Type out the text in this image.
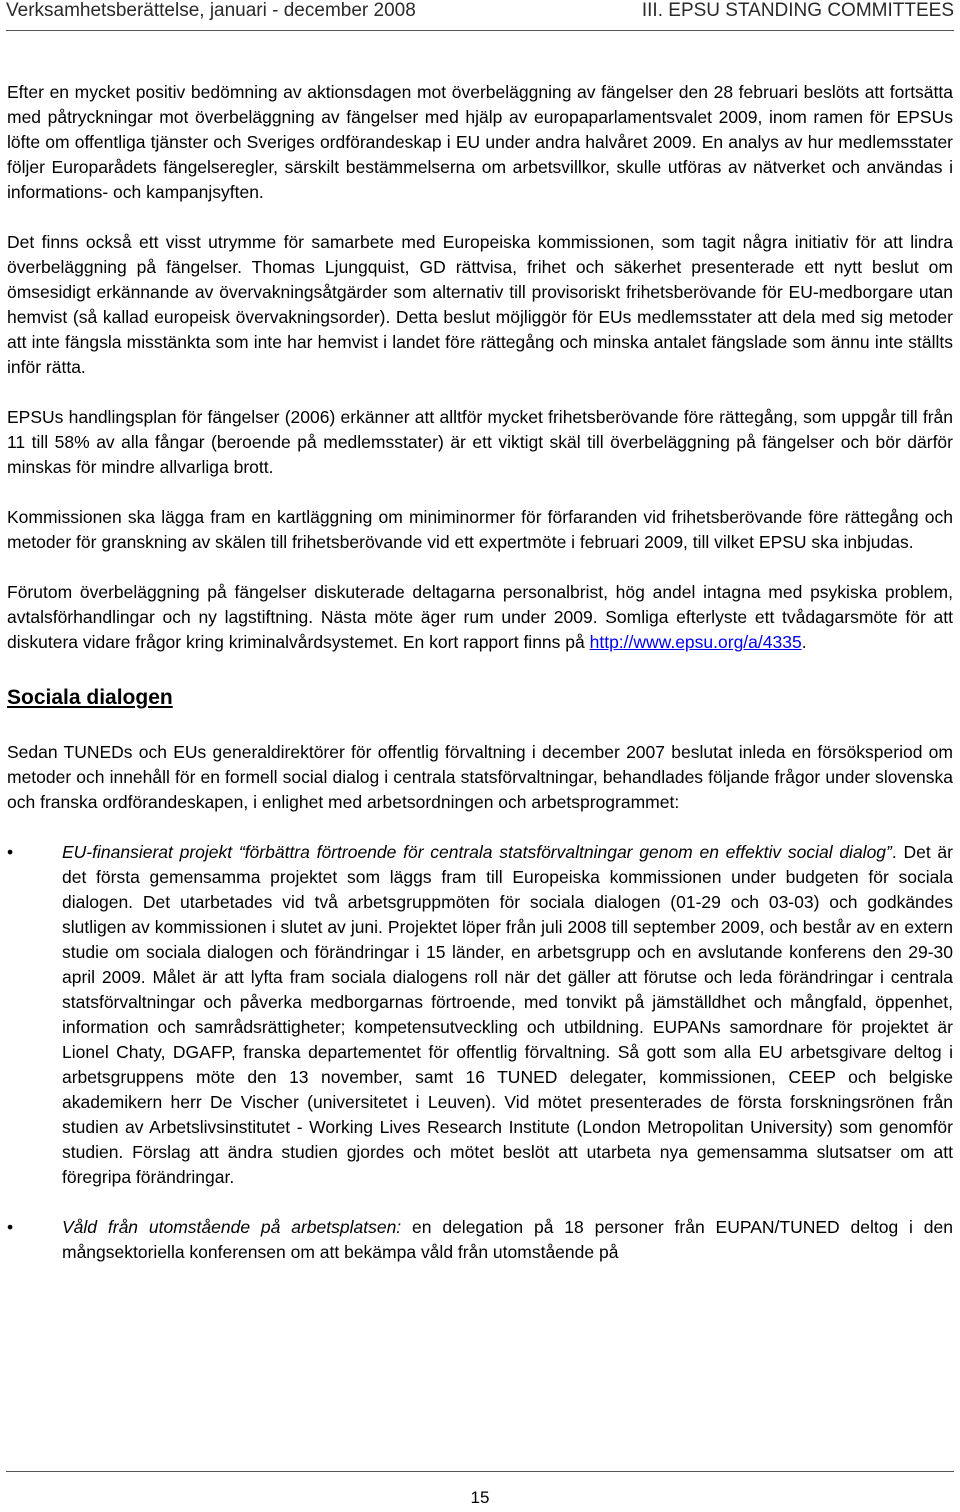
Verksamhetsberättelse, januari - december 2008	III. EPSU STANDING COMMITTEES

Efter en mycket positiv bedömning av aktionsdagen mot överbeläggning av fängelser den 28 februari beslöts att fortsätta med påtryckningar mot överbeläggning av fängelser med hjälp av europaparlamentsvalet 2009, inom ramen för EPSUs löfte om offentliga tjänster och Sveriges ordförandeskap i EU under andra halvåret 2009. En analys av hur medlemsstater följer Europarådets fängelseregler, särskilt bestämmelserna om arbetsvillkor, skulle utföras av nätverket och användas i informations- och kampanjsyften.

Det finns också ett visst utrymme för samarbete med Europeiska kommissionen, som tagit några initiativ för att lindra överbeläggning på fängelser. Thomas Ljungquist, GD rättvisa, frihet och säkerhet presenterade ett nytt beslut om ömsesidigt erkännande av övervakningsåtgärder som alternativ till provisoriskt frihetsberövande för EU-medborgare utan hemvist (så kallad europeisk övervakningsorder). Detta beslut möjliggör för EUs medlemsstater att dela med sig metoder att inte fängsla misstänkta som inte har hemvist i landet före rättegång och minska antalet fängslade som ännu inte ställts inför rätta.

EPSUs handlingsplan för fängelser (2006) erkänner att alltför mycket frihetsberövande före rättegång, som uppgår till från 11 till 58% av alla fångar (beroende på medlemsstater) är ett viktigt skäl till överbeläggning på fängelser och bör därför minskas för mindre allvarliga brott.

Kommissionen ska lägga fram en kartläggning om miniminormer för förfaranden vid frihetsberövande före rättegång och metoder för granskning av skälen till frihetsberövande vid ett expertmöte i februari 2009, till vilket EPSU ska inbjudas.

Förutom överbeläggning på fängelser diskuterade deltagarna personalbrist, hög andel intagna med psykiska problem, avtalsförhandlingar och ny lagstiftning. Nästa möte äger rum under 2009. Somliga efterlyste ett tvådagarsmöte för att diskutera vidare frågor kring kriminalvårdsystemet. En kort rapport finns på http://www.epsu.org/a/4335.

Sociala dialogen

Sedan TUNEDs och EUs generaldirektörer för offentlig förvaltning i december 2007 beslutat inleda en försöksperiod om metoder och innehåll för en formell social dialog i centrala statsförvaltningar, behandlades följande frågor under slovenska och franska ordförandeskapen, i enlighet med arbetsordningen och arbetsprogrammet:

•	EU-finansierat projekt “förbättra förtroende för centrala statsförvaltningar genom en effektiv social dialog”. Det är det första gemensamma projektet som läggs fram till Europeiska kommissionen under budgeten för sociala dialogen. Det utarbetades vid två arbetsgruppmöten för sociala dialogen (01-29 och 03-03) och godkändes slutligen av kommissionen i slutet av juni. Projektet löper från juli 2008 till september 2009, och består av en extern studie om sociala dialogen och förändringar i 15 länder, en arbetsgrupp och en avslutande konferens den 29-30 april 2009. Målet är att lyfta fram sociala dialogens roll när det gäller att förutse och leda förändringar i centrala statsförvaltningar och påverka medborgarnas förtroende, med tonvikt på jämställdhet och mångfald, öppenhet, information och samrådsrättigheter; kompetensutveckling och utbildning. EUPANs samordnare för projektet är Lionel Chaty, DGAFP, franska departementet för offentlig förvaltning. Så gott som alla EU arbetsgivare deltog i arbetsgruppens möte den 13 november, samt 16 TUNED delegater, kommissionen, CEEP och belgiske akademikern herr De Vischer (universitetet i Leuven). Vid mötet presenterades de första forskningsrönen från studien av Arbetslivsinstitutet - Working Lives Research Institute (London Metropolitan University) som genomför studien. Förslag att ändra studien gjordes och mötet beslöt att utarbeta nya gemensamma slutsatser om att föregripa förändringar.
•	Våld från utomstående på arbetsplatsen: en delegation på 18 personer från EUPAN/TUNED deltog i den mångsektoriella konferensen om att bekämpa våld från utomstående på
15
